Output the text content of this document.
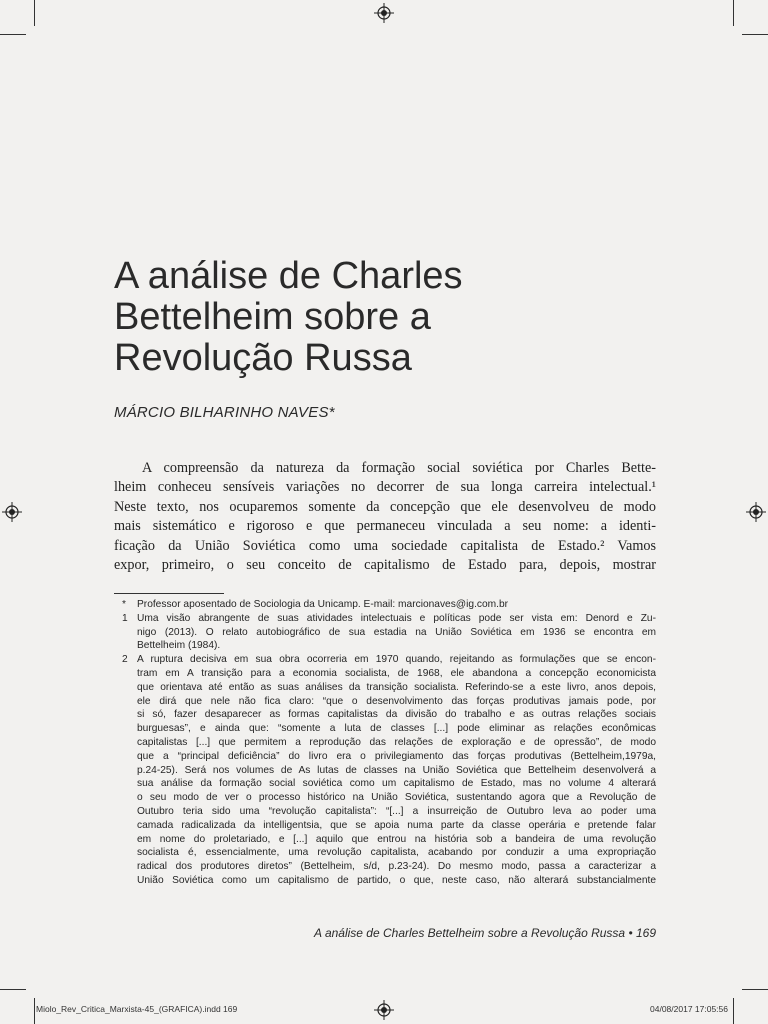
A análise de Charles
Bettelheim sobre a
Revolução Russa
MÁRCIO BILHARINHO NAVES*
A compreensão da natureza da formação social soviética por Charles Bette-
lheim conheceu sensíveis variações no decorrer de sua longa carreira intelectual.¹
Neste texto, nos ocuparemos somente da concepção que ele desenvolveu de modo
mais sistemático e rigoroso e que permaneceu vinculada a seu nome: a identi-
ficação da União Soviética como uma sociedade capitalista de Estado.² Vamos
expor, primeiro, o seu conceito de capitalismo de Estado para, depois, mostrar
* Professor aposentado de Sociologia da Unicamp. E-mail: marcionaves@ig.com.br
1 Uma visão abrangente de suas atividades intelectuais e políticas pode ser vista em: Denord e Zu-
nigo (2013). O relato autobiográfico de sua estadia na União Soviética em 1936 se encontra em
Bettelheim (1984).
2 A ruptura decisiva em sua obra ocorreria em 1970 quando, rejeitando as formulações que se encon-
tram em A transição para a economia socialista, de 1968, ele abandona a concepção economicista
que orientava até então as suas análises da transição socialista. Referindo-se a este livro, anos depois,
ele dirá que nele não fica claro: “que o desenvolvimento das forças produtivas jamais pode, por
si só, fazer desaparecer as formas capitalistas da divisão do trabalho e as outras relações sociais
burguesas”, e ainda que: “somente a luta de classes [...] pode eliminar as relações econômicas
capitalistas [...] que permitem a reprodução das relações de exploração e de opressão”, de modo
que a “principal deficiência” do livro era o privilegiamento das forças produtivas (Bettelheim,1979a,
p.24-25). Será nos volumes de As lutas de classes na União Soviética que Bettelheim desenvolverá a
sua análise da formação social soviética como um capitalismo de Estado, mas no volume 4 alterará
o seu modo de ver o processo histórico na União Soviética, sustentando agora que a Revolução de
Outubro teria sido uma “revolução capitalista”: “[...] a insurreição de Outubro leva ao poder uma
camada radicalizada da intelligentsia, que se apoia numa parte da classe operária e pretende falar
em nome do proletariado, e [...] aquilo que entrou na história sob a bandeira de uma revolução
socialista é, essencialmente, uma revolução capitalista, acabando por conduzir a uma expropriação
radical dos produtores diretos” (Bettelheim, s/d, p.23-24). Do mesmo modo, passa a caracterizar a
União Soviética como um capitalismo de partido, o que, neste caso, não alterará substancialmente
A análise de Charles Bettelheim sobre a Revolução Russa • 169
Miolo_Rev_Critica_Marxista-45_(GRAFICA).indd 169	04/08/2017 17:05:56
